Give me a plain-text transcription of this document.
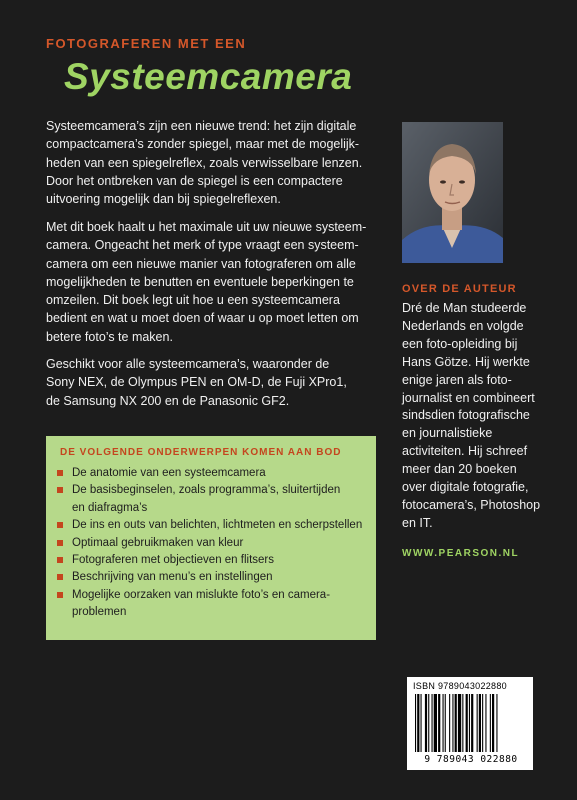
FOTOGRAFEREN MET EEN
Systeemcamera
Systeemcamera’s zijn een nieuwe trend: het zijn digitale
compactcamera’s zonder spiegel, maar met de mogelijk-
heden van een spiegelreflex, zoals verwisselbare lenzen.
Door het ontbreken van de spiegel is een compactere
uitvoering mogelijk dan bij spiegelreflexen.
Met dit boek haalt u het maximale uit uw nieuwe systeem-
camera. Ongeacht het merk of type vraagt een systeem-
camera om een nieuwe manier van fotograferen om alle
mogelijkheden te benutten en eventuele beperkingen te
omzeilen. Dit boek legt uit hoe u een systeemcamera
bedient en wat u moet doen of waar u op moet letten om
betere foto’s te maken.
Geschikt voor alle systeemcamera’s, waaronder de
Sony NEX, de Olympus PEN en OM-D, de Fuji XPro1,
de Samsung NX 200 en de Panasonic GF2.
OVER DE AUTEUR
Dré de Man studeerde
Nederlands en volgde
een foto-opleiding bij
Hans Götze. Hij werkte
enige jaren als foto-
journalist en combineert
sindsdien fotografische
en journalistieke
activiteiten. Hij schreef
meer dan 20 boeken
over digitale fotografie,
fotocamera’s, Photoshop
en IT.
WWW.PEARSON.NL
DE VOLGENDE ONDERWERPEN KOMEN AAN BOD
De anatomie van een systeemcamera
De basisbeginselen, zoals programma’s, sluitertijden
en diafragma’s
De ins en outs van belichten, lichtmeten en scherpstellen
Optimaal gebruikmaken van kleur
Fotograferen met objectieven en flitsers
Beschrijving van menu’s en instellingen
Mogelijke oorzaken van mislukte foto’s en camera-
problemen
ISBN 9789043022880
9 789043 022880
